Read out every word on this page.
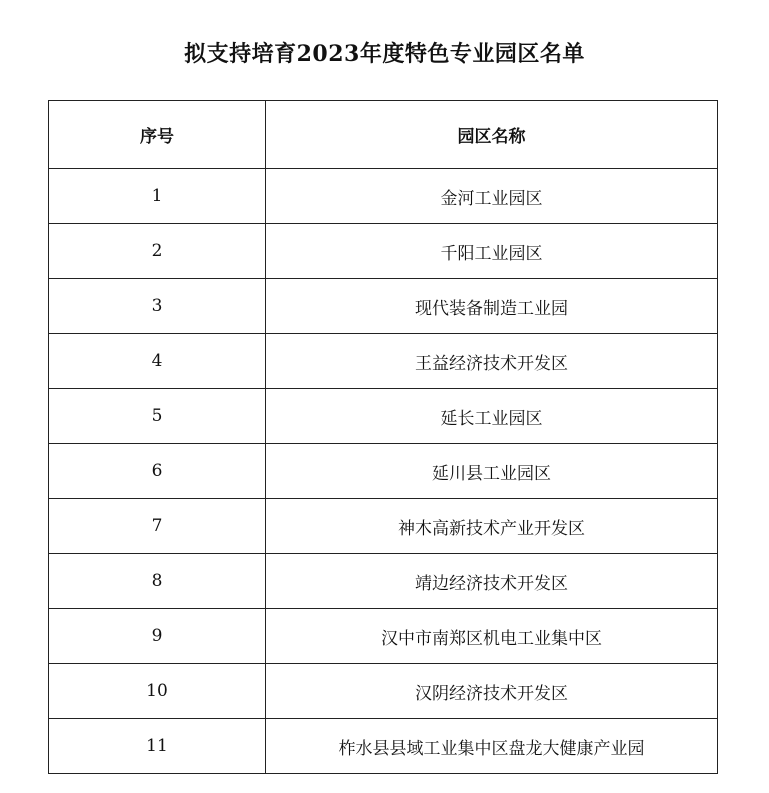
拟支持培育2023年度特色专业园区名单
序号	园区名称
1	金河工业园区
2	千阳工业园区
3	现代装备制造工业园
4	王益经济技术开发区
5	延长工业园区
6	延川县工业园区
7	神木高新技术产业开发区
8	靖边经济技术开发区
9	汉中市南郑区机电工业集中区
10	汉阴经济技术开发区
11	柞水县县域工业集中区盘龙大健康产业园
